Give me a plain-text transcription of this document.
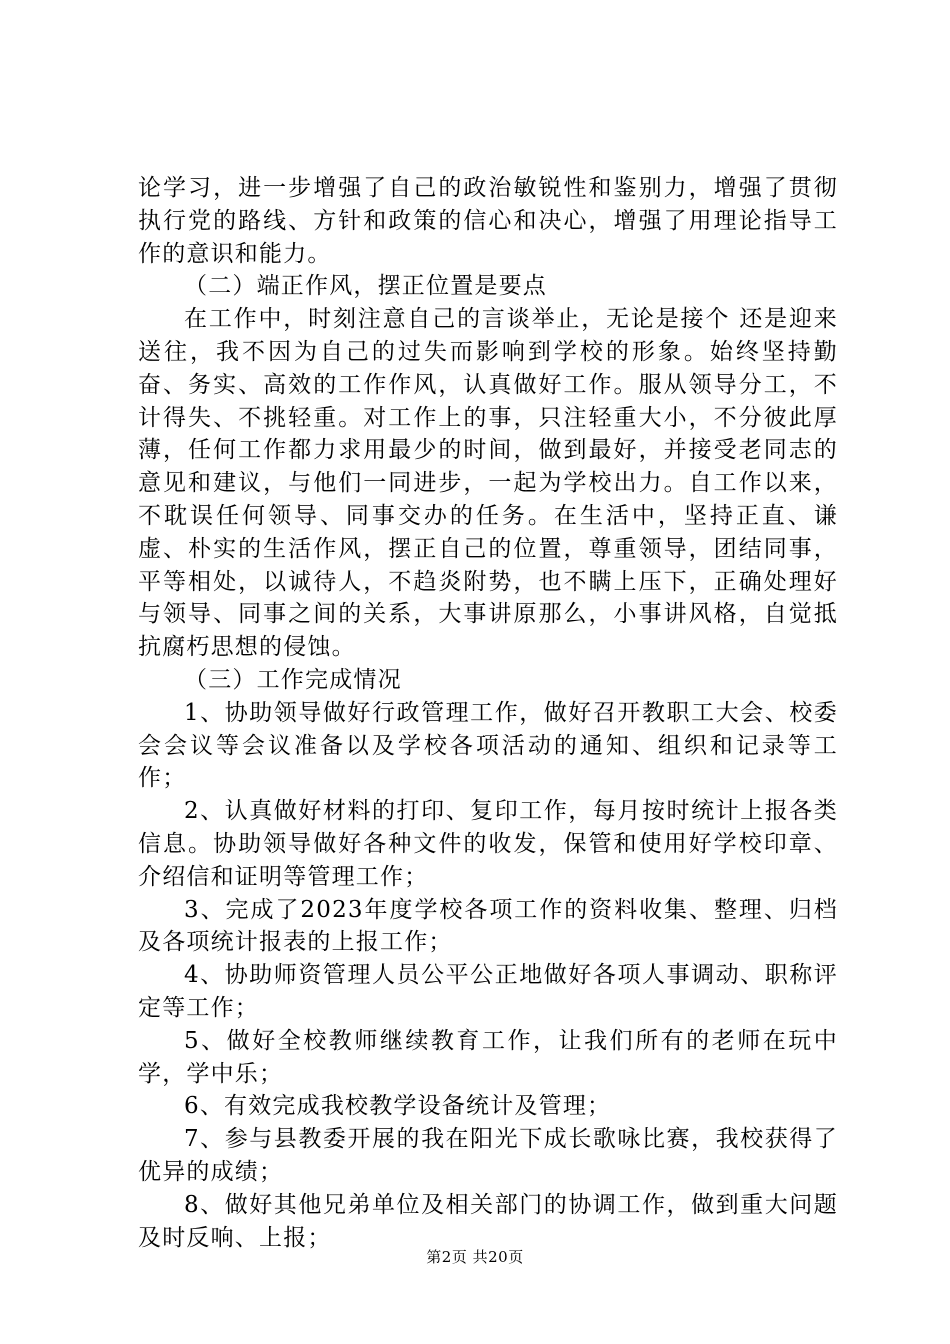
论学习，进一步增强了自己的政治敏锐性和鉴别力，增强了贯彻执行党的路线、方针和政策的信心和决心，增强了用理论指导工作的意识和能力。

（二）端正作风，摆正位置是要点

在工作中，时刻注意自己的言谈举止，无论是接个 还是迎来送往，我不因为自己的过失而影响到学校的形象。始终坚持勤奋、务实、高效的工作作风，认真做好工作。服从领导分工，不计得失、不挑轻重。对工作上的事，只注轻重大小，不分彼此厚薄，任何工作都力求用最少的时间，做到最好，并接受老同志的意见和建议，与他们一同进步，一起为学校出力。自工作以来，不耽误任何领导、同事交办的任务。在生活中，坚持正直、谦虚、朴实的生活作风，摆正自己的位置，尊重领导，团结同事，平等相处，以诚待人，不趋炎附势，也不瞒上压下，正确处理好与领导、同事之间的关系，大事讲原那么，小事讲风格，自觉抵抗腐朽思想的侵蚀。

（三）工作完成情况

1、协助领导做好行政管理工作，做好召开教职工大会、校委会会议等会议准备以及学校各项活动的通知、组织和记录等工作；

2、认真做好材料的打印、复印工作，每月按时统计上报各类信息。协助领导做好各种文件的收发，保管和使用好学校印章、介绍信和证明等管理工作；

3、完成了2023年度学校各项工作的资料收集、整理、归档及各项统计报表的上报工作；

4、协助师资管理人员公平公正地做好各项人事调动、职称评定等工作；

5、做好全校教师继续教育工作，让我们所有的老师在玩中学，学中乐；

6、有效完成我校教学设备统计及管理；

7、参与县教委开展的我在阳光下成长歌咏比赛，我校获得了优异的成绩；

8、做好其他兄弟单位及相关部门的协调工作，做到重大问题及时反响、上报；

第2页 共20页
